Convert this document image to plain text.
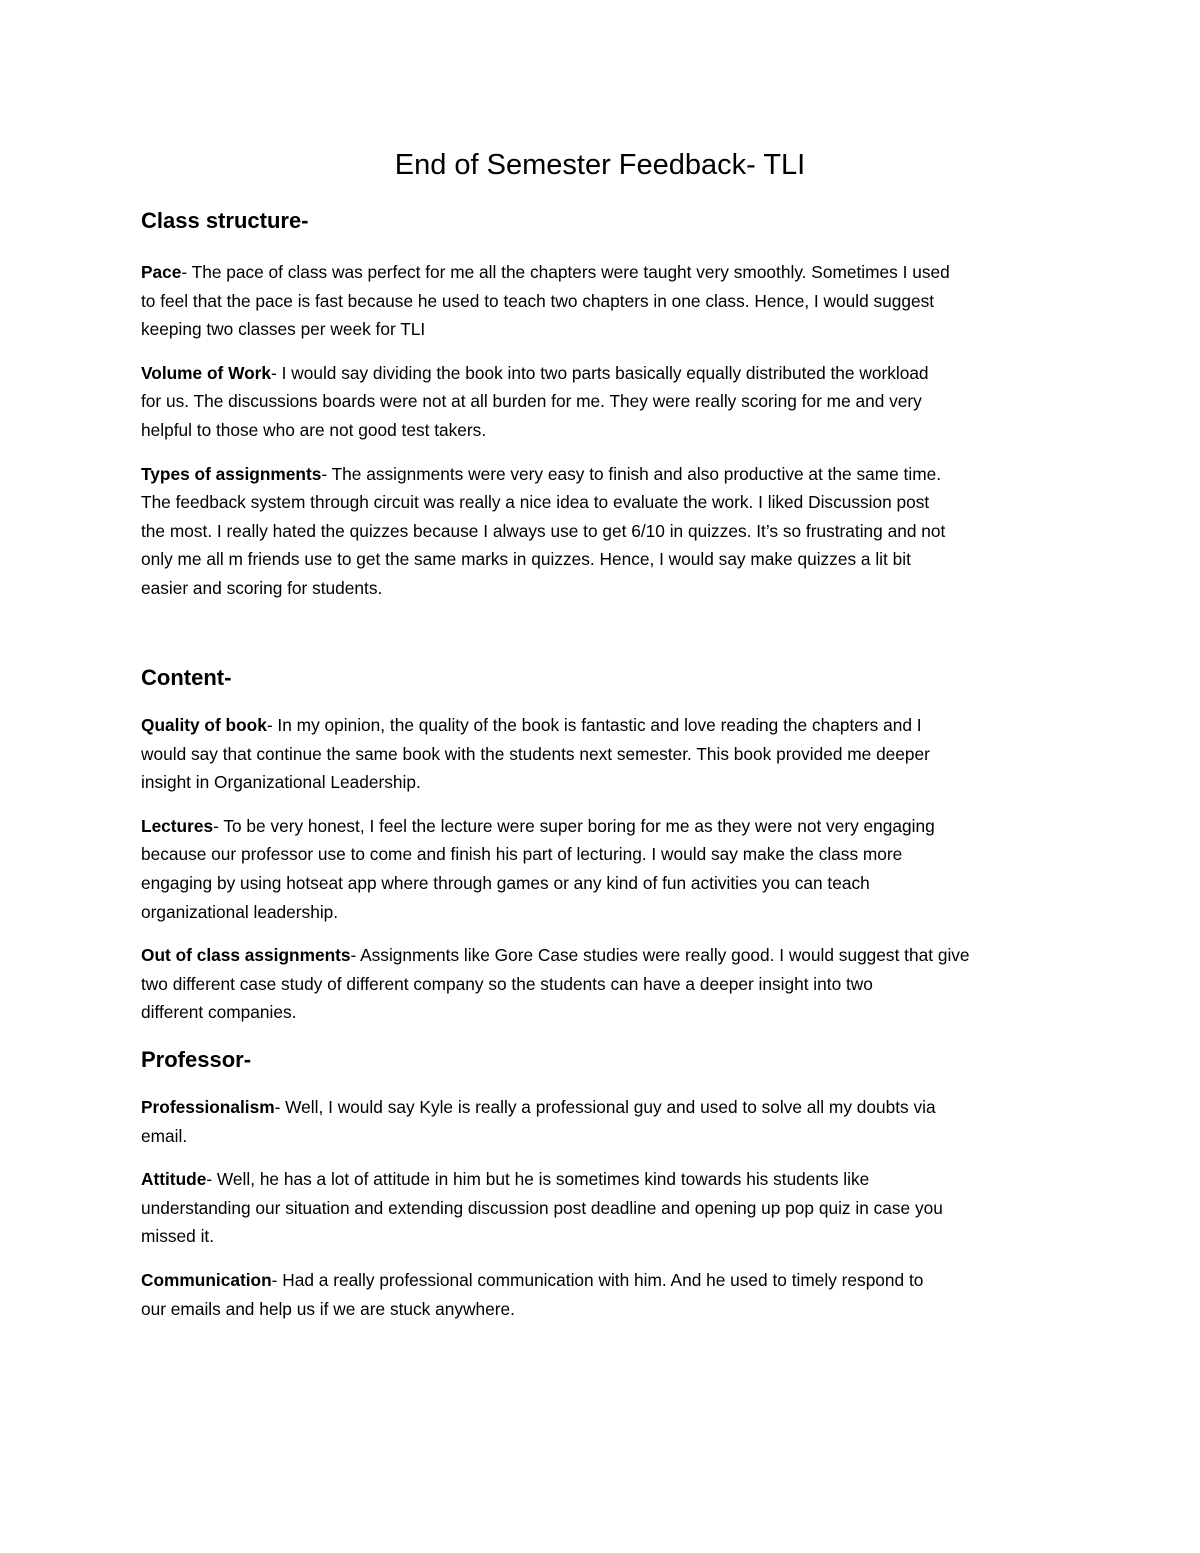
End of Semester Feedback- TLI
Class structure-

Pace- The pace of class was perfect for me all the chapters were taught very smoothly. Sometimes I used
to feel that the pace is fast because he used to teach two chapters in one class. Hence, I would suggest
keeping two classes per week for TLI

Volume of Work- I would say dividing the book into two parts basically equally distributed the workload
for us. The discussions boards were not at all burden for me. They were really scoring for me and very
helpful to those who are not good test takers.

Types of assignments- The assignments were very easy to finish and also productive at the same time.
The feedback system through circuit was really a nice idea to evaluate the work. I liked Discussion post
the most. I really hated the quizzes because I always use to get 6/10 in quizzes. It’s so frustrating and not
only me all m friends use to get the same marks in quizzes. Hence, I would say make quizzes a lit bit
easier and scoring for students.

Content-

Quality of book- In my opinion, the quality of the book is fantastic and love reading the chapters and I
would say that continue the same book with the students next semester. This book provided me deeper
insight in Organizational Leadership.

Lectures- To be very honest, I feel the lecture were super boring for me as they were not very engaging
because our professor use to come and finish his part of lecturing. I would say make the class more
engaging by using hotseat app where through games or any kind of fun activities you can teach
organizational leadership.

Out of class assignments- Assignments like Gore Case studies were really good. I would suggest that give
two different case study of different company so the students can have a deeper insight into two
different companies.

Professor-

Professionalism- Well, I would say Kyle is really a professional guy and used to solve all my doubts via
email.

Attitude- Well, he has a lot of attitude in him but he is sometimes kind towards his students like
understanding our situation and extending discussion post deadline and opening up pop quiz in case you
missed it.

Communication- Had a really professional communication with him. And he used to timely respond to
our emails and help us if we are stuck anywhere.
